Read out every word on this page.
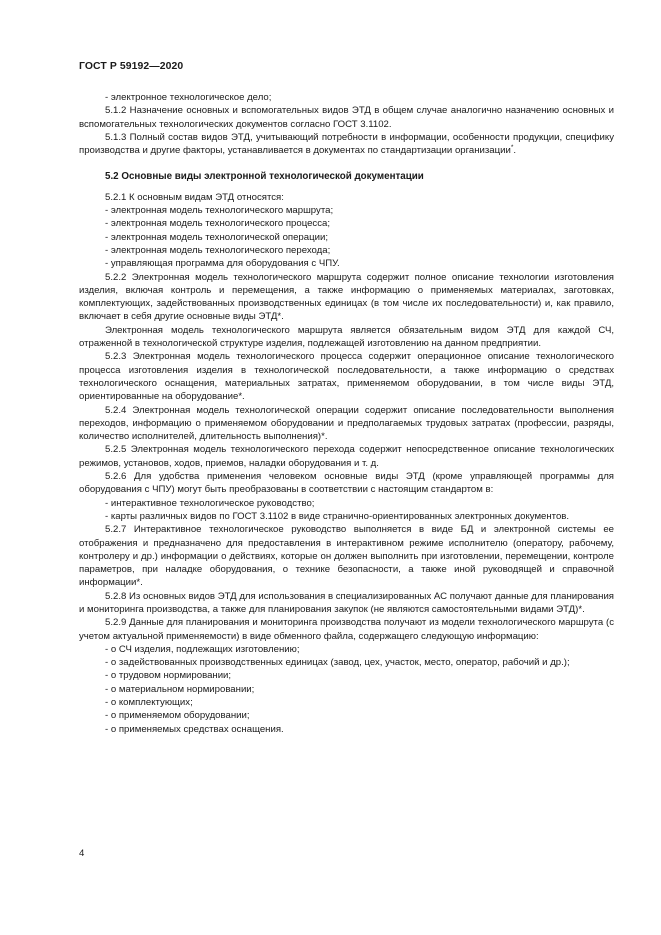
ГОСТ Р 59192—2020

- электронное технологическое дело;

5.1.2 Назначение основных и вспомогательных видов ЭТД в общем случае аналогично назначению основных и вспомогательных технологических документов согласно ГОСТ 3.1102.

5.1.3 Полный состав видов ЭТД, учитывающий потребности в информации, особенности продукции, специфику производства и другие факторы, устанавливается в документах по стандартизации организации*.

5.2 Основные виды электронной технологической документации

5.2.1 К основным видам ЭТД относятся:

- электронная модель технологического маршрута;

- электронная модель технологического процесса;

- электронная модель технологической операции;

- электронная модель технологического перехода;

- управляющая программа для оборудования с ЧПУ.

5.2.2 Электронная модель технологического маршрута содержит полное описание технологии изготовления изделия, включая контроль и перемещения, а также информацию о применяемых материалах, заготовках, комплектующих, задействованных производственных единицах (в том числе их последовательности) и, как правило, включает в себя другие основные виды ЭТД*.

Электронная модель технологического маршрута является обязательным видом ЭТД для каждой СЧ, отраженной в технологической структуре изделия, подлежащей изготовлению на данном предприятии.

5.2.3 Электронная модель технологического процесса содержит операционное описание технологического процесса изготовления изделия в технологической последовательности, а также информацию о средствах технологического оснащения, материальных затратах, применяемом оборудовании, в том числе виды ЭТД, ориентированные на оборудование*.

5.2.4 Электронная модель технологической операции содержит описание последовательности выполнения переходов, информацию о применяемом оборудовании и предполагаемых трудовых затратах (профессии, разряды, количество исполнителей, длительность выполнения)*.

5.2.5 Электронная модель технологического перехода содержит непосредственное описание технологических режимов, установов, ходов, приемов, наладки оборудования и т. д.

5.2.6 Для удобства применения человеком основные виды ЭТД (кроме управляющей программы для оборудования с ЧПУ) могут быть преобразованы в соответствии с настоящим стандартом в:

- интерактивное технологическое руководство;

- карты различных видов по ГОСТ 3.1102 в виде странично-ориентированных электронных документов.

5.2.7 Интерактивное технологическое руководство выполняется в виде БД и электронной системы ее отображения и предназначено для предоставления в интерактивном режиме исполнителю (оператору, рабочему, контролеру и др.) информации о действиях, которые он должен выполнить при изготовлении, перемещении, контроле параметров, при наладке оборудования, о технике безопасности, а также иной руководящей и справочной информации*.

5.2.8 Из основных видов ЭТД для использования в специализированных АС получают данные для планирования и мониторинга производства, а также для планирования закупок (не являются самостоятельными видами ЭТД)*.

5.2.9 Данные для планирования и мониторинга производства получают из модели технологического маршрута (с учетом актуальной применяемости) в виде обменного файла, содержащего следующую информацию:

- о СЧ изделия, подлежащих изготовлению;

- о задействованных производственных единицах (завод, цех, участок, место, оператор, рабочий и др.);

- о трудовом нормировании;

- о материальном нормировании;

- о комплектующих;

- о применяемом оборудовании;

- о применяемых средствах оснащения.

4
